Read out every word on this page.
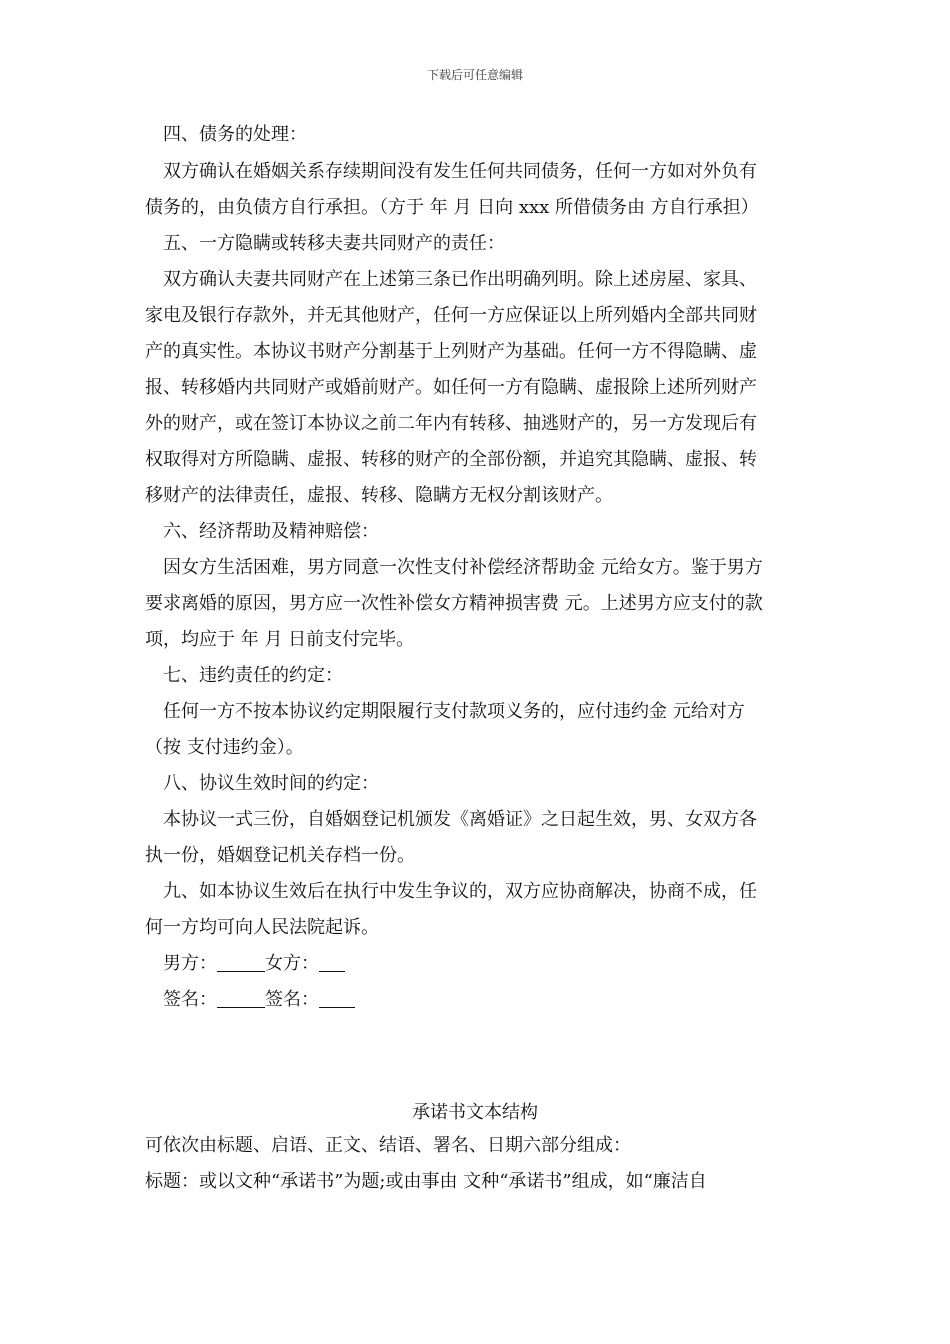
下载后可任意编辑
四、债务的处理：
双方确认在婚姻关系存续期间没有发生任何共同债务，任何一方如对外负有
债务的，由负债方自行承担。（方于 年 月 日向 xxx 所借债务由 方自行承担）
五、一方隐瞒或转移夫妻共同财产的责任：
双方确认夫妻共同财产在上述第三条已作出明确列明。除上述房屋、家具、
家电及银行存款外，并无其他财产，任何一方应保证以上所列婚内全部共同财
产的真实性。本协议书财产分割基于上列财产为基础。任何一方不得隐瞒、虚
报、转移婚内共同财产或婚前财产。如任何一方有隐瞒、虚报除上述所列财产
外的财产，或在签订本协议之前二年内有转移、抽逃财产的，另一方发现后有
权取得对方所隐瞒、虚报、转移的财产的全部份额，并追究其隐瞒、虚报、转
移财产的法律责任，虚报、转移、隐瞒方无权分割该财产。
六、经济帮助及精神赔偿：
因女方生活困难，男方同意一次性支付补偿经济帮助金 元给女方。鉴于男方
要求离婚的原因，男方应一次性补偿女方精神损害费 元。上述男方应支付的款
项，均应于 年 月 日前支付完毕。
七、违约责任的约定：
任何一方不按本协议约定期限履行支付款项义务的，应付违约金 元给对方
（按 支付违约金）。
八、协议生效时间的约定：
本协议一式三份，自婚姻登记机颁发《离婚证》之日起生效，男、女双方各
执一份，婚姻登记机关存档一份。
九、如本协议生效后在执行中发生争议的，双方应协商解决，协商不成，任
何一方均可向人民法院起诉。
男方：	女方：
签名：	签名：
承诺书文本结构
可依次由标题、启语、正文、结语、署名、日期六部分组成：
标题：或以文种“承诺书”为题;或由事由 文种“承诺书”组成，如“廉洁自
